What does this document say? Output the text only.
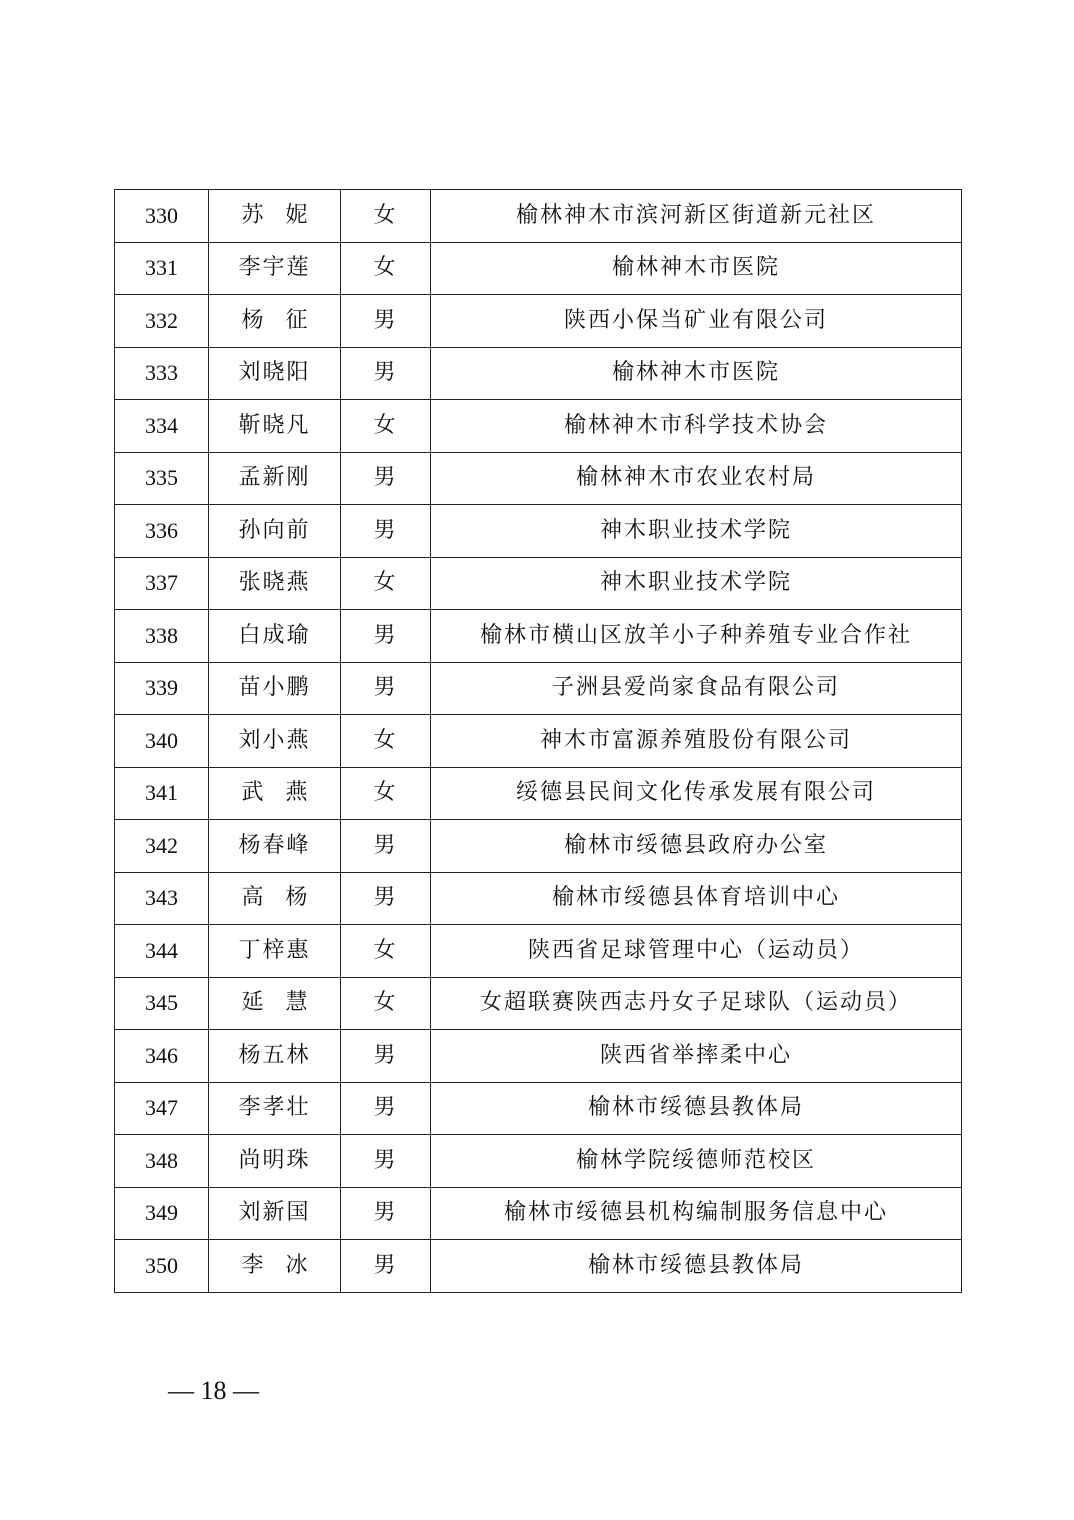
330	苏妮	女	榆林神木市滨河新区街道新元社区
331	李宇莲	女	榆林神木市医院
332	杨征	男	陕西小保当矿业有限公司
333	刘晓阳	男	榆林神木市医院
334	靳晓凡	女	榆林神木市科学技术协会
335	孟新刚	男	榆林神木市农业农村局
336	孙向前	男	神木职业技术学院
337	张晓燕	女	神木职业技术学院
338	白成瑜	男	榆林市横山区放羊小子种养殖专业合作社
339	苗小鹏	男	子洲县爱尚家食品有限公司
340	刘小燕	女	神木市富源养殖股份有限公司
341	武燕	女	绥德县民间文化传承发展有限公司
342	杨春峰	男	榆林市绥德县政府办公室
343	高杨	男	榆林市绥德县体育培训中心
344	丁梓惠	女	陕西省足球管理中心（运动员）
345	延慧	女	女超联赛陕西志丹女子足球队（运动员）
346	杨五林	男	陕西省举摔柔中心
347	李孝壮	男	榆林市绥德县教体局
348	尚明珠	男	榆林学院绥德师范校区
349	刘新国	男	榆林市绥德县机构编制服务信息中心
350	李冰	男	榆林市绥德县教体局
— 18 —
